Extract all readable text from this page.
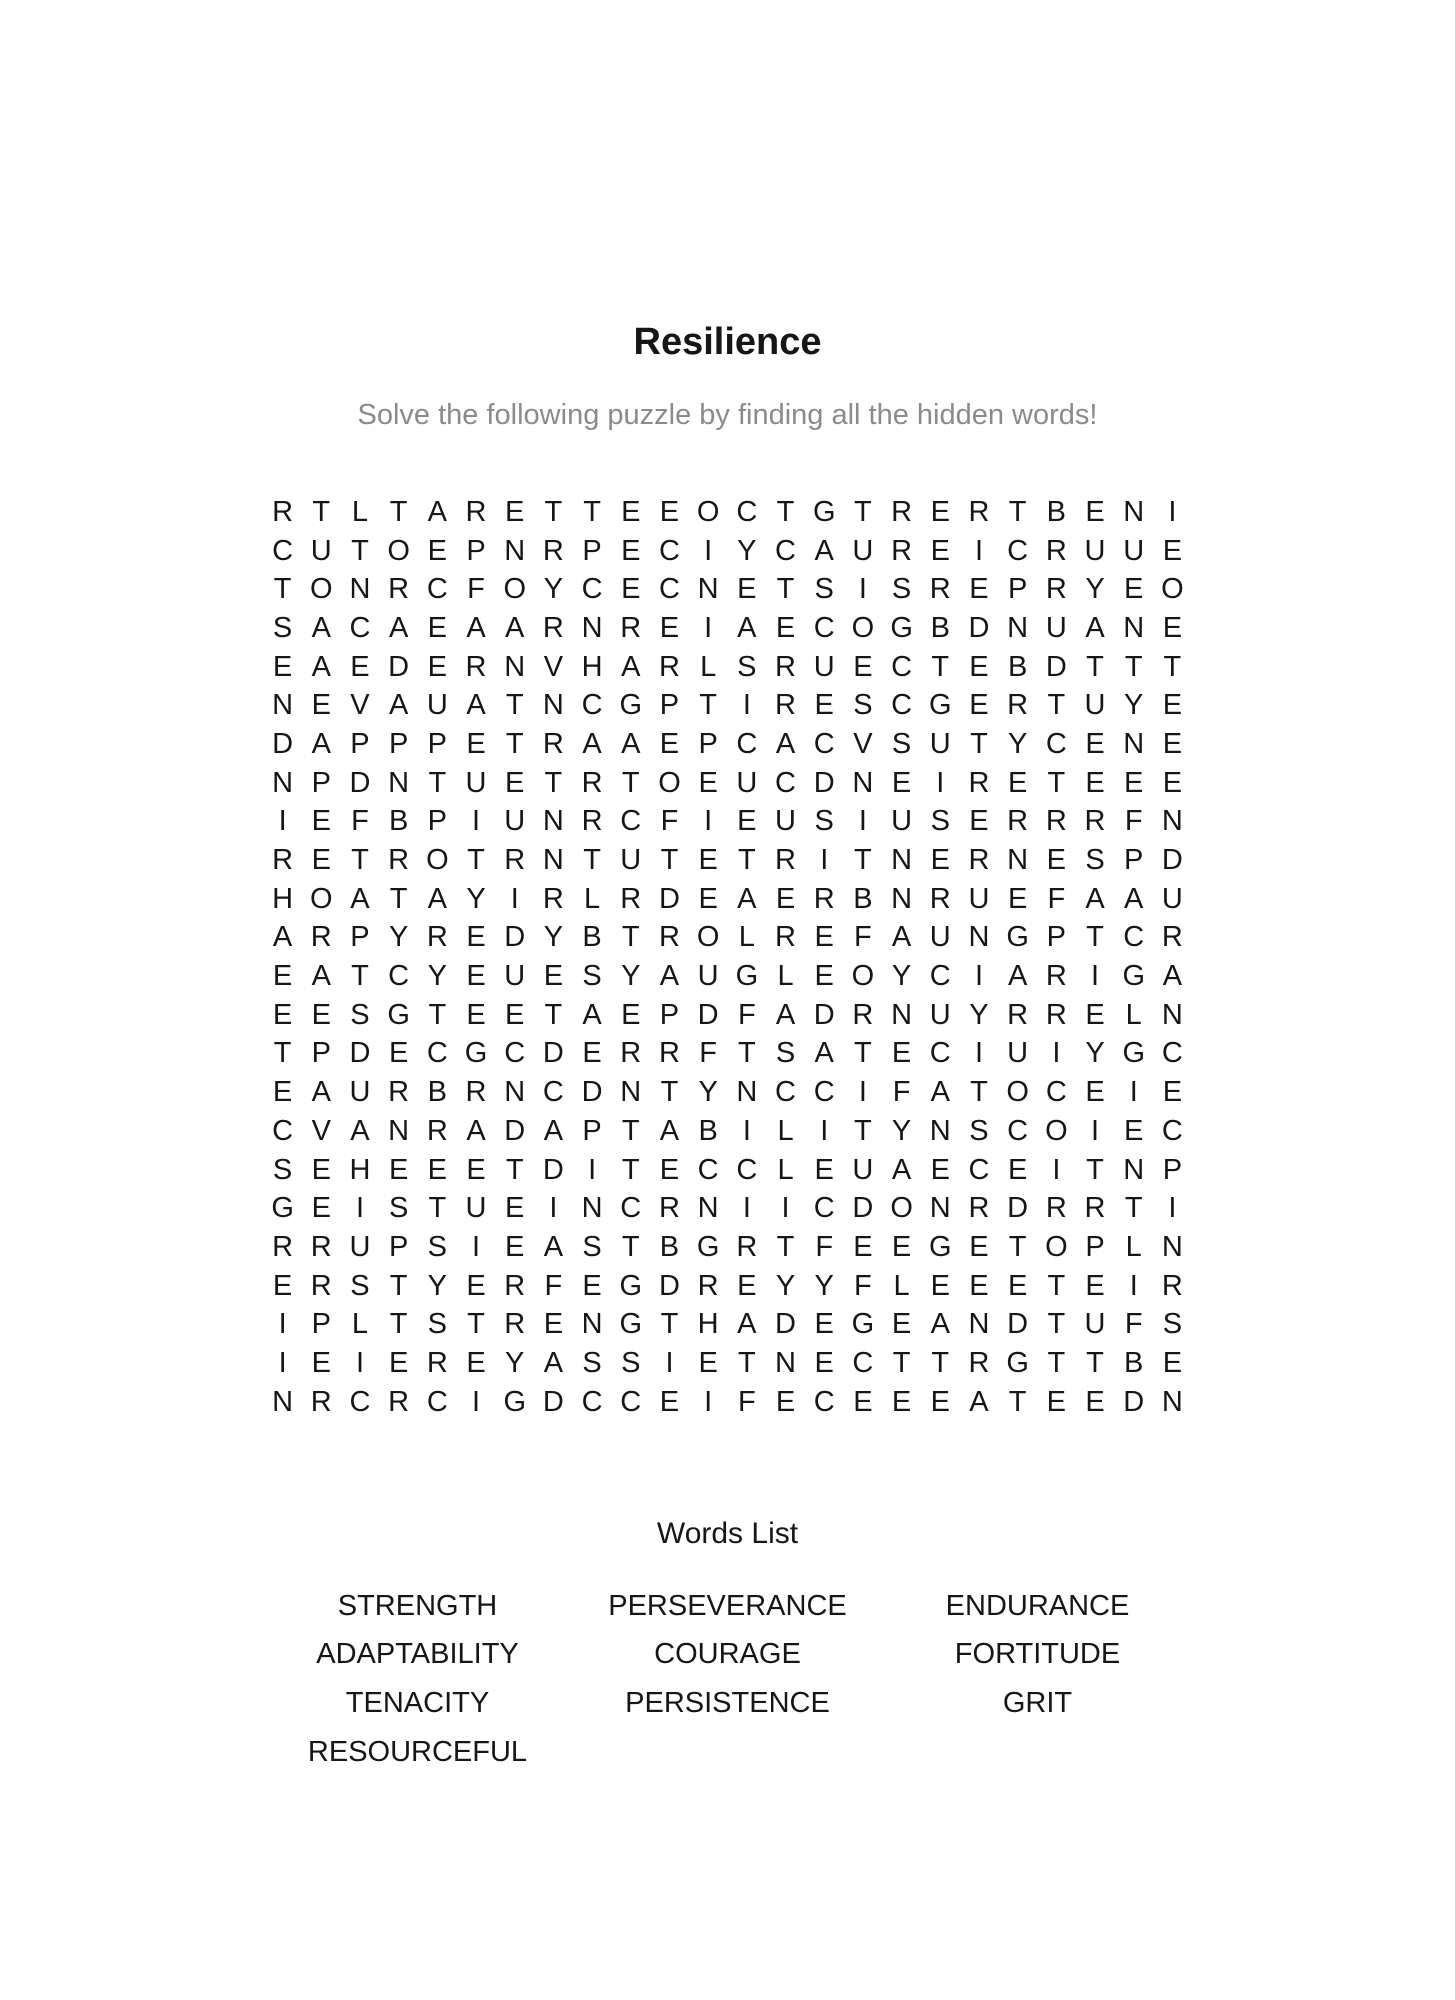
Resilience

Solve the following puzzle by finding all the hidden words!

R T L T A R E T T E E O C T G T R E R T B E N I
C U T O E P N R P E C I Y C A U R E I C R U U E
T O N R C F O Y C E C N E T S I S R E P R Y E O
S A C A E A A R N R E I A E C O G B D N U A N E
E A E D E R N V H A R L S R U E C T E B D T T T
N E V A U A T N C G P T I R E S C G E R T U Y E
D A P P P E T R A A E P C A C V S U T Y C E N E
N P D N T U E T R T O E U C D N E I R E T E E E
I E F B P I U N R C F I E U S I U S E R R R F N
R E T R O T R N T U T E T R I T N E R N E S P D
H O A T A Y I R L R D E A E R B N R U E F A A U
A R P Y R E D Y B T R O L R E F A U N G P T C R
E A T C Y E U E S Y A U G L E O Y C I A R I G A
E E S G T E E T A E P D F A D R N U Y R R E L N
T P D E C G C D E R R F T S A T E C I U I Y G C
E A U R B R N C D N T Y N C C I F A T O C E I E
C V A N R A D A P T A B I L I T Y N S C O I E C
S E H E E E T D I T E C C L E U A E C E I T N P
G E I S T U E I N C R N I	I C D O N R D R R T I
R R U P S I E A S T B G R T F E E G E T O P L N
E R S T Y E R F E G D R E Y Y F L E E E T E I R
I P L T S T R E N G T H A D E G E A N D T U F S
I E I E R E Y A S S I E T N E C T T R G T T B E
N R C R C I G D C C E I F E C E E E A T E E D N
Words List
STRENGTH	PERSEVERANCE	ENDURANCE
ADAPTABILITY	COURAGE	FORTITUDE
TENACITY	PERSISTENCE	GRIT
RESOURCEFUL
